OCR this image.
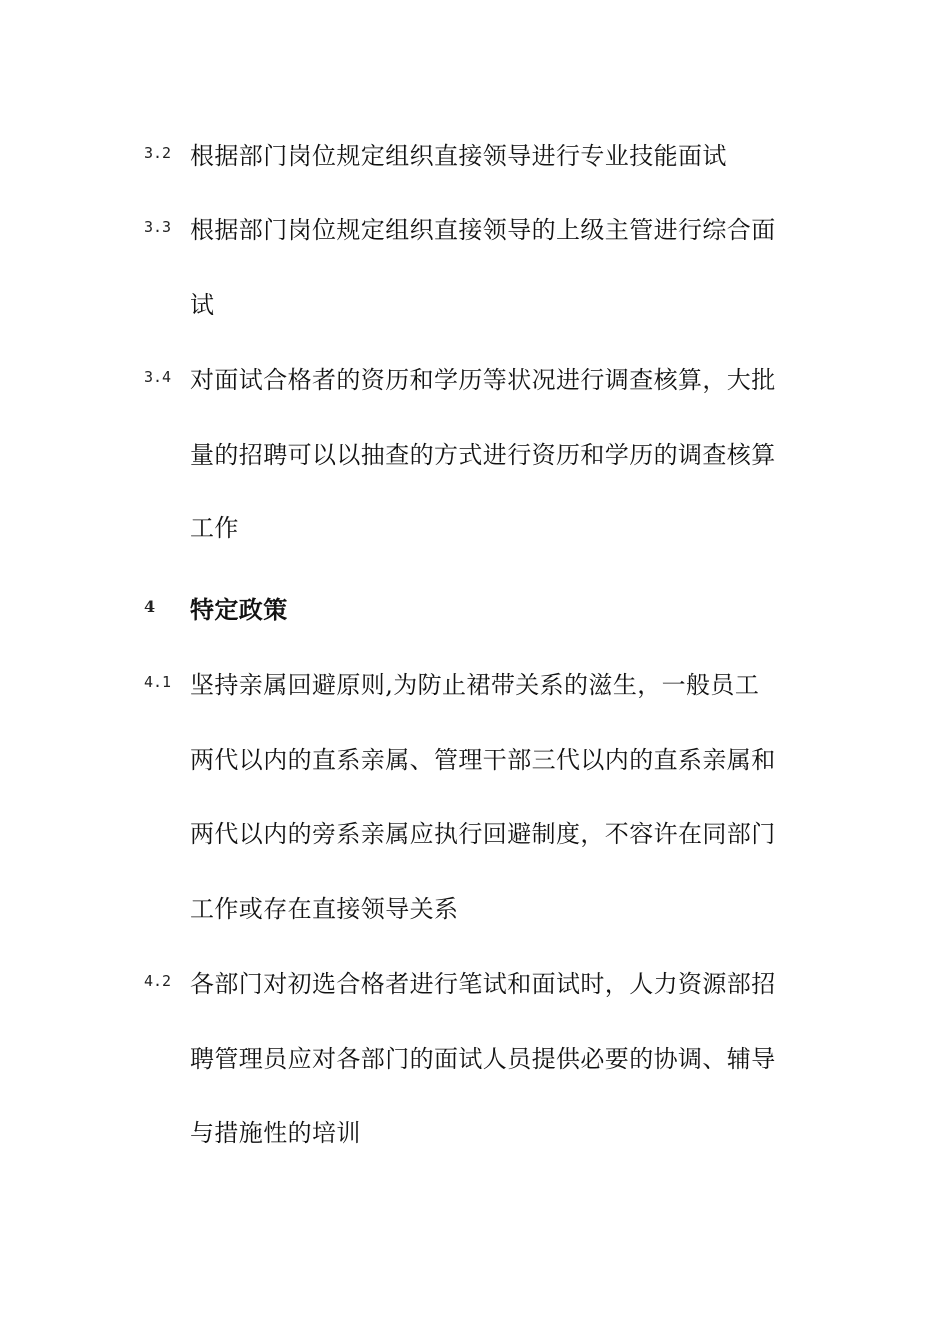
3.2 根据部门岗位规定组织直接领导进行专业技能面试
3.3 根据部门岗位规定组织直接领导的上级主管进行综合面
试
3.4 对面试合格者的资历和学历等状况进行调查核算，大批
量的招聘可以以抽查的方式进行资历和学历的调查核算
工作
4 特定政策
4.1 坚持亲属回避原则,为防止裙带关系的滋生，一般员工
两代以内的直系亲属、管理干部三代以内的直系亲属和
两代以内的旁系亲属应执行回避制度，不容许在同部门
工作或存在直接领导关系
4.2 各部门对初选合格者进行笔试和面试时，人力资源部招
聘管理员应对各部门的面试人员提供必要的协调、辅导
与措施性的培训
